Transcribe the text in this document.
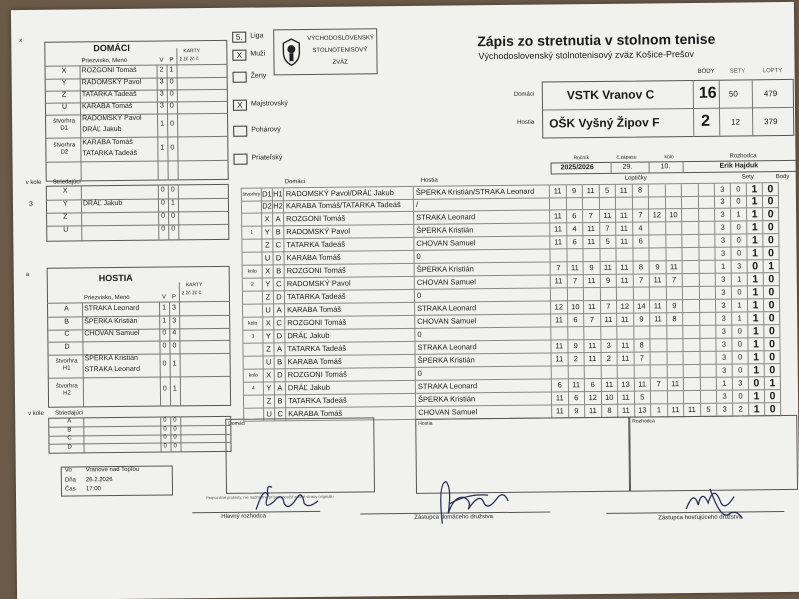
x
DOMÁCI	KARTY
ž žč žč č
Priezvisko, Meno	V P
v kole Striedajúci
a	HOSTIA
KARTY
ž žč žč č
Priezvisko, Meno	V P
v kole Striedajúci
Vo Vranove nad Topľou
Dňa 26.2.2026
Čas 17:00
VÝCHODOSLOVENSKÝ
STOLNOTENISOVÝ
ZVÄZ
Zápis zo stretnutia v stolnom tenise
Východoslovenský stolnotenisový zväz Košice-Prešov
BODY SETY	LOPTY
Domáci	VSTK Vranov C	16 50	479
Hostia OŠK Vyšný Žipov F	2	12	379
Ročník	č.zápasu	kolo	Rozhodca
2025/2026	29.	10.	Erik Hajduk
Domáci	Hostia	Loptičky	Sety	Body
štvorhry D1 H1 RADOMSKÝ Pavol/DRÁĽ Jakub	ŠPERKA Kristián/STRAKA Leonard	11	9	11	5	11	8	3	0	1 0
D2 H2 KARABA Tomáš/TATARKA Tadeáš	/	3	0	1 0
X A ROZGONI Tomáš	STRAKA Leonard	11	6	7	11	11	7	12	10	3	1	1 0
1	Y B RADOMSKÝ Pavol	ŠPERKA Kristián	11	4	11	7	11	4	3	0	1 0
Z C TATARKA Tadeáš	CHOVAN Samuel	11	6	11	5	11	6	3	0	1 0
U D KARABA Tomáš	0	3	0	1 0
kolo	X B ROZGONI Tomáš	ŠPERKA Kristián	7	11	9	11	11	8	9	11	1	3	0 1
2	Y C RADOMSKÝ Pavol	CHOVAN Samuel	11	7	11	9	11	7	11	7	3	1	1 0
Z D TATARKA Tadeáš	0	3	0	1 0
U A KARABA Tomáš	STRAKA Leonard	12	10	11	7	12	14	11	9	3	1	1 0
kolo	X C ROZGONI Tomáš	CHOVAN Samuel	11	6	7	11	11	9	11	8	3	1	1 0
3	Y D DRÁĽ Jakub	0	3	0	1 0
Z A TATARKA Tadeáš	STRAKA Leonard	11	9	11	3	11	8	3	0	1 0
U B KARABA Tomáš	ŠPERKA Kristián	11	2	11	2	11	7	3	0	1 0
kolo	X D ROZGONI Tomáš	0	3	0	1 0
4	Y A DRÁĽ Jakub	STRAKA Leonard	6	11	6	11	13	11	7	11	1	3	0 1
Z B TATARKA Tadeáš	ŠPERKA Kristián	11	6	12	10	11	5	3	0	1 0
U C KARABA Tomáš	CHOVAN Samuel	11	9	11	8	11	13	1	11	11	5	3	2	1 0
Domáci	Hostia	Rozhodca
Propozičné protesty, nie nadmerné prístor, použiť zadné strany originálu
Hlavný rozhodca	Zástupca domáceho družstva	Zástupca hosťujúceho družstva
X ROZGONI Tomáš	2 1
Y RADOMSKÝ Pavol	3 0
Z TATARKA Tadeáš	3 0
U KARABA Tomáš	3 0
štvorhra D1
RADOMSKÝ Pavol
DRÁĽ Jakub
1 0
štvorhra D2
KARABA Tomáš
TATARKA Tadeáš
1 0
X	0 0
3	Y DRÁĽ Jakub	0 1
Z	0 0
U	0 0
A STRAKA Leonard	1 3
B ŠPERKA Kristián	1 3
C CHOVAN Samuel	0 4
D	0 0
štvorhra H1
ŠPERKA Kristián
STRAKA Leonard
0 1
štvorhra H2
0 1
A	0 0
B	0 0
C	0 0
D	0 0
5.	Liga
X	Muži
Ženy
X	Majstrovský
Pohárový
Priateľský
